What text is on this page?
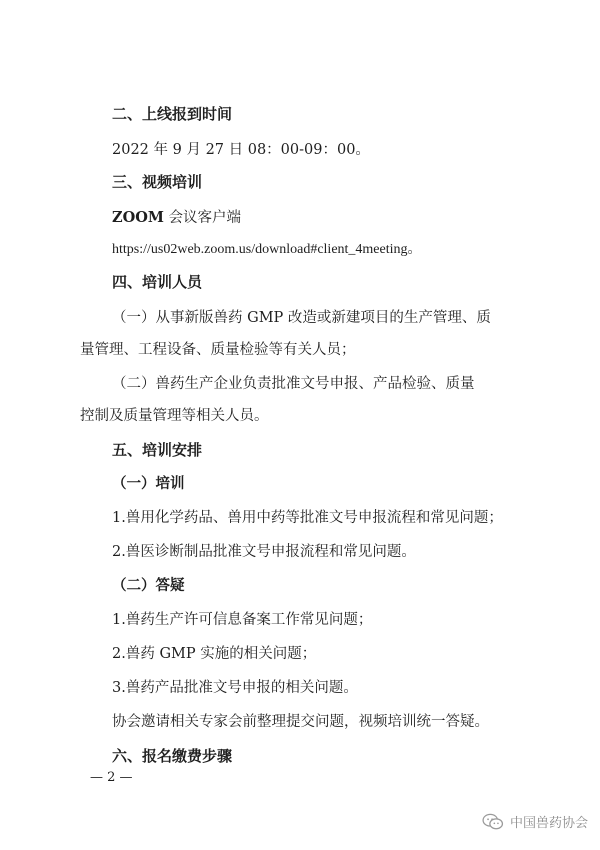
二、上线报到时间
2022 年 9 月 27 日 08：00-09：00。
三、视频培训
ZOOM 会议客户端
https://us02web.zoom.us/download#client_4meeting。
四、培训人员
（一）从事新版兽药 GMP 改造或新建项目的生产管理、质
量管理、工程设备、质量检验等有关人员；
（二）兽药生产企业负责批准文号申报、产品检验、质量
控制及质量管理等相关人员。
五、培训安排
（一）培训
1.兽用化学药品、兽用中药等批准文号申报流程和常见问题；
2.兽医诊断制品批准文号申报流程和常见问题。
（二）答疑
1.兽药生产许可信息备案工作常见问题；
2.兽药 GMP 实施的相关问题；
3.兽药产品批准文号申报的相关问题。
协会邀请相关专家会前整理提交问题，视频培训统一答疑。
六、报名缴费步骤
— 2 —
中国兽药协会
